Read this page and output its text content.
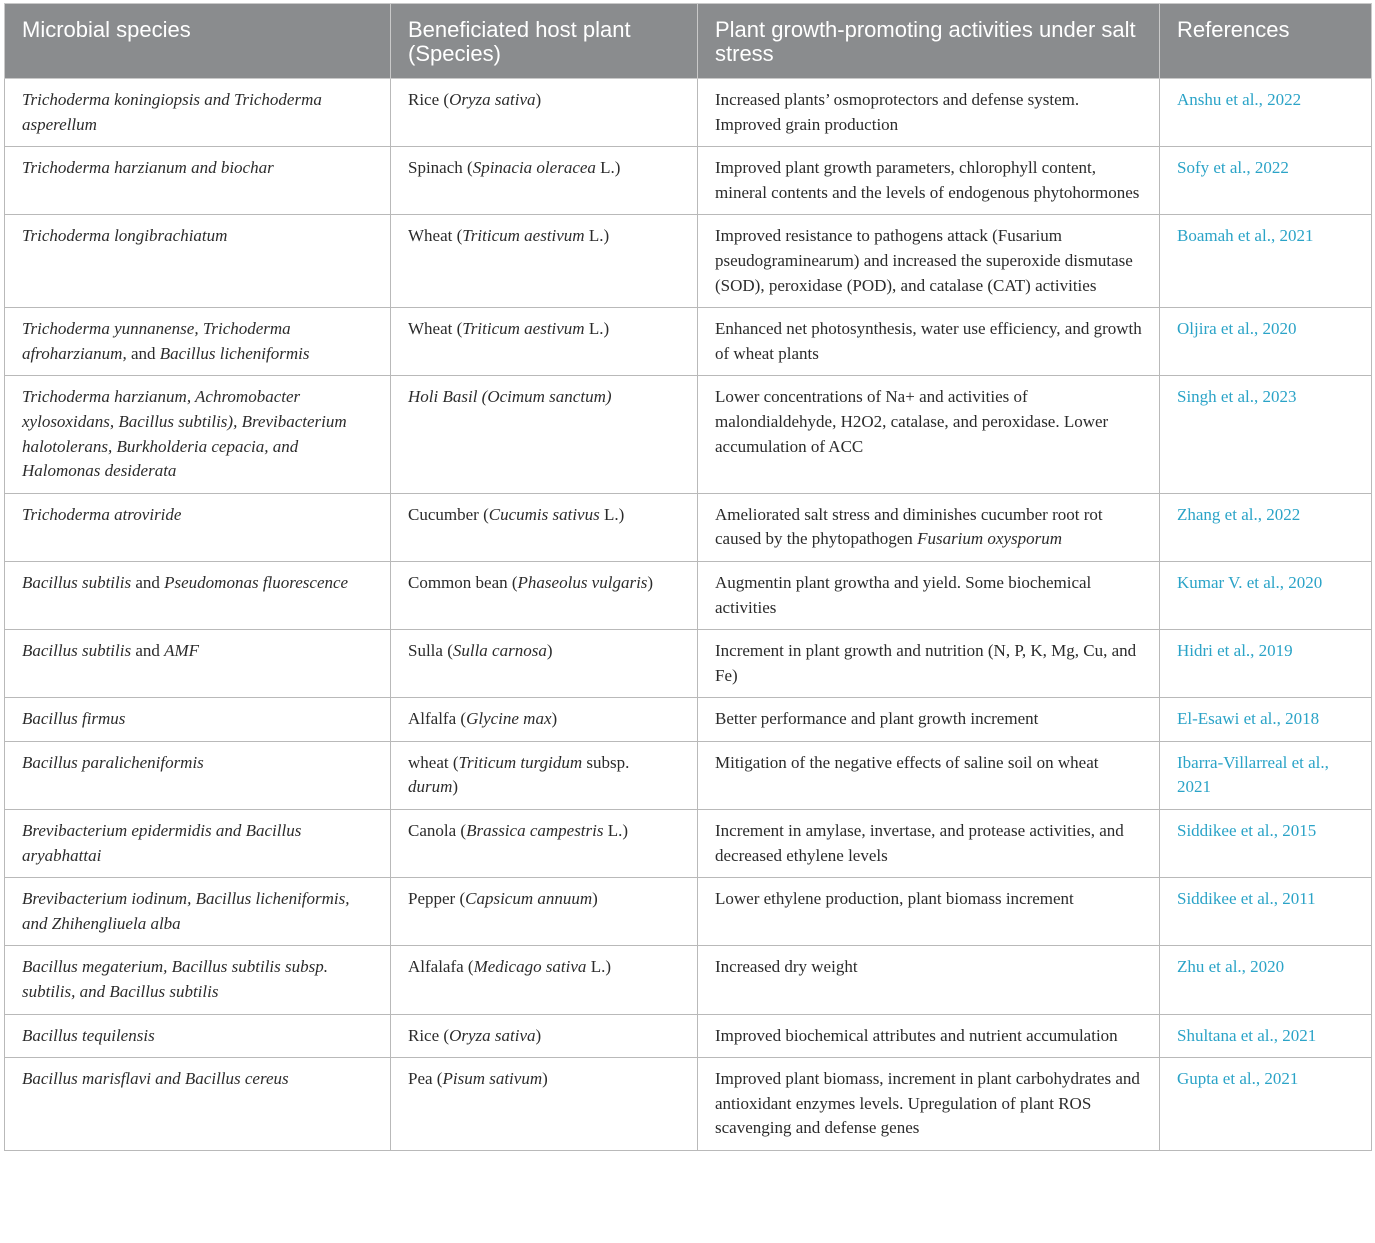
Microbial species	Beneficiated host plant (Species)	Plant growth-promoting activities under salt stress	References
Trichoderma koningiopsis and Trichoderma asperellum	Rice (Oryza sativa)	Increased plants’ osmoprotectors and defense system. Improved grain production	Anshu et al., 2022
Trichoderma harzianum and biochar	Spinach (Spinacia oleracea L.)	Improved plant growth parameters, chlorophyll content, mineral contents and the levels of endogenous phytohormones	Sofy et al., 2022
Trichoderma longibrachiatum	Wheat (Triticum aestivum L.)	Improved resistance to pathogens attack (Fusarium pseudograminearum) and increased the superoxide dismutase (SOD), peroxidase (POD), and catalase (CAT) activities	Boamah et al., 2021
Trichoderma yunnanense, Trichoderma afroharzianum, and Bacillus licheniformis	Wheat (Triticum aestivum L.)	Enhanced net photosynthesis, water use efficiency, and growth of wheat plants	Oljira et al., 2020
Trichoderma harzianum, Achromobacter xylosoxidans, Bacillus subtilis), Brevibacterium halotolerans, Burkholderia cepacia, and Halomonas desiderata	Holi Basil (Ocimum sanctum)	Lower concentrations of Na+ and activities of malondialdehyde, H2O2, catalase, and peroxidase. Lower accumulation of ACC	Singh et al., 2023
Trichoderma atroviride	Cucumber (Cucumis sativus L.)	Ameliorated salt stress and diminishes cucumber root rot caused by the phytopathogen Fusarium oxysporum	Zhang et al., 2022
Bacillus subtilis and Pseudomonas fluorescence	Common bean (Phaseolus vulgaris)	Augmentin plant growtha and yield. Some biochemical activities	Kumar V. et al., 2020
Bacillus subtilis and AMF	Sulla (Sulla carnosa)	Increment in plant growth and nutrition (N, P, K, Mg, Cu, and Fe)	Hidri et al., 2019
Bacillus firmus	Alfalfa (Glycine max)	Better performance and plant growth increment	El-Esawi et al., 2018
Bacillus paralicheniformis	wheat (Triticum turgidum subsp. durum)	Mitigation of the negative effects of saline soil on wheat	Ibarra-Villarreal et al., 2021
Brevibacterium epidermidis and Bacillus aryabhattai	Canola (Brassica campestris L.)	Increment in amylase, invertase, and protease activities, and decreased ethylene levels	Siddikee et al., 2015
Brevibacterium iodinum, Bacillus licheniformis, and Zhihengliuela alba	Pepper (Capsicum annuum)	Lower ethylene production, plant biomass increment	Siddikee et al., 2011
Bacillus megaterium, Bacillus subtilis subsp. subtilis, and Bacillus subtilis	Alfalafa (Medicago sativa L.)	Increased dry weight	Zhu et al., 2020
Bacillus tequilensis	Rice (Oryza sativa)	Improved biochemical attributes and nutrient accumulation	Shultana et al., 2021
Bacillus marisflavi and Bacillus cereus	Pea (Pisum sativum)	Improved plant biomass, increment in plant carbohydrates and antioxidant enzymes levels. Upregulation of plant ROS scavenging and defense genes	Gupta et al., 2021
